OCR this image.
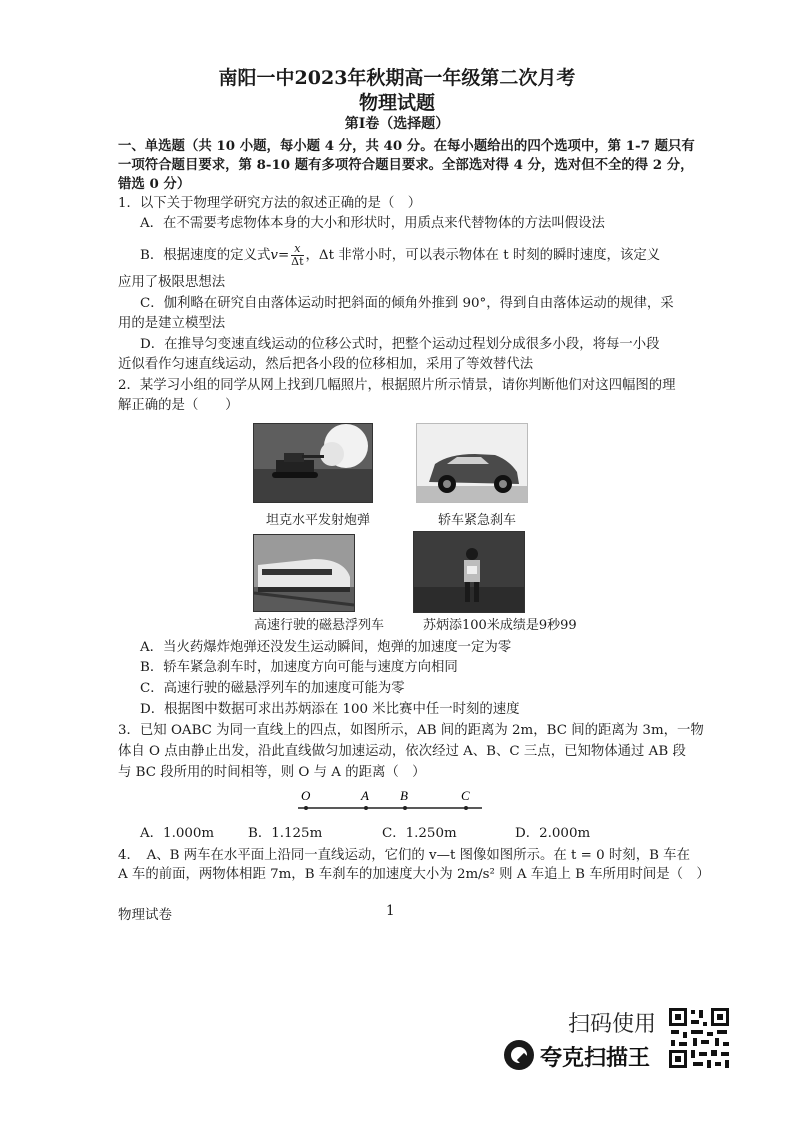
南阳一中2023年秋期高一年级第二次月考
物理试题
第Ⅰ卷（选择题）
一、单选题（共 10 小题，每小题 4 分，共 40 分。在每小题给出的四个选项中，第 1-7 题只有
一项符合题目要求，第 8-10 题有多项符合题目要求。全部选对得 4 分，选对但不全的得 2 分，
错选 0 分）
1．以下关于物理学研究方法的叙述正确的是（　）
A．在不需要考虑物体本身的大小和形状时，用质点来代替物体的方法叫假设法
B．根据速度的定义式$v= \frac{x}{\Delta t}$ ，Δt 非常小时，可以表示物体在 t 时刻的瞬时速度，该定义
应用了极限思想法
C．伽利略在研究自由落体运动时把斜面的倾角外推到 90°，得到自由落体运动的规律，采
用的是建立模型法
D．在推导匀变速直线运动的位移公式时，把整个运动过程划分成很多小段，将每一小段
近似看作匀速直线运动，然后把各小段的位移相加，采用了等效替代法
2．某学习小组的同学从网上找到几幅照片，根据照片所示情景，请你判断他们对这四幅图的理
解正确的是（　　）
坦克水平发射炮弹	轿车紧急刹车
高速行驶的磁悬浮列车	苏炳添100米成绩是9秒99
A．当火药爆炸炮弹还没发生运动瞬间，炮弹的加速度一定为零
B．轿车紧急刹车时，加速度方向可能与速度方向相同
C．高速行驶的磁悬浮列车的加速度可能为零
D．根据图中数据可求出苏炳添在 100 米比赛中任一时刻的速度
3．已知 OABC 为同一直线上的四点，如图所示，AB 间的距离为 2m，BC 间的距离为 3m，一物
体自 O 点由静止出发，沿此直线做匀加速运动，依次经过 A、B、C 三点，已知物体通过 AB 段
与 BC 段所用的时间相等，则 O 与 A 的距离（　）
O	A B	C
A．1.000m	B．1.125m	C．1.250m	D．2.000m
4．　A、B 两车在水平面上沿同一直线运动，它们的 v—t 图像如图所示。在 t = 0 时刻，B 车在
A 车的前面，两物体相距 7m，B 车刹车的加速度大小为 2m/s² 则 A 车追上 B 车所用时间是（　）
物理试卷	1
扫码使用
夸克扫描王
